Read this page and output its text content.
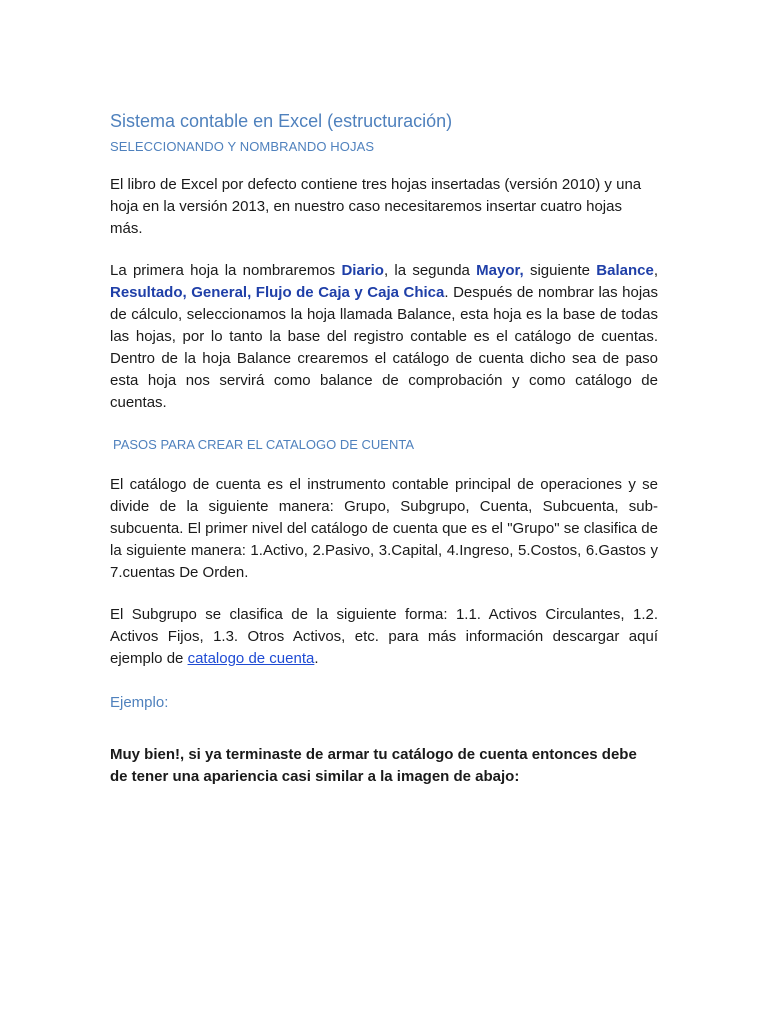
Sistema contable en Excel (estructuración)
SELECCIONANDO Y NOMBRANDO HOJAS

El libro de Excel por defecto contiene tres hojas insertadas (versión 2010) y una hoja en la versión 2013, en nuestro caso necesitaremos insertar cuatro hojas más.

La primera hoja la nombraremos Diario, la segunda Mayor, siguiente Balance, Resultado, General, Flujo de Caja y Caja Chica. Después de nombrar las hojas de cálculo, seleccionamos la hoja llamada Balance, esta hoja es la base de todas las hojas, por lo tanto la base del registro contable es el catálogo de cuentas. Dentro de la hoja Balance crearemos el catálogo de cuenta dicho sea de paso esta hoja nos servirá como balance de comprobación y como catálogo de cuentas.

PASOS PARA CREAR EL CATALOGO DE CUENTA

El catálogo de cuenta es el instrumento contable principal de operaciones y se divide de la siguiente manera: Grupo, Subgrupo, Cuenta, Subcuenta, sub-subcuenta. El primer nivel del catálogo de cuenta que es el "Grupo" se clasifica de la siguiente manera: 1.Activo, 2.Pasivo, 3.Capital, 4.Ingreso, 5.Costos, 6.Gastos y 7.cuentas De Orden.

El Subgrupo se clasifica de la siguiente forma: 1.1. Activos Circulantes, 1.2. Activos Fijos, 1.3. Otros Activos, etc. para más información descargar aquí ejemplo de catalogo de cuenta.

Ejemplo:

Muy bien!, si ya terminaste de armar tu catálogo de cuenta entonces debe de tener una apariencia casi similar a la imagen de abajo:
